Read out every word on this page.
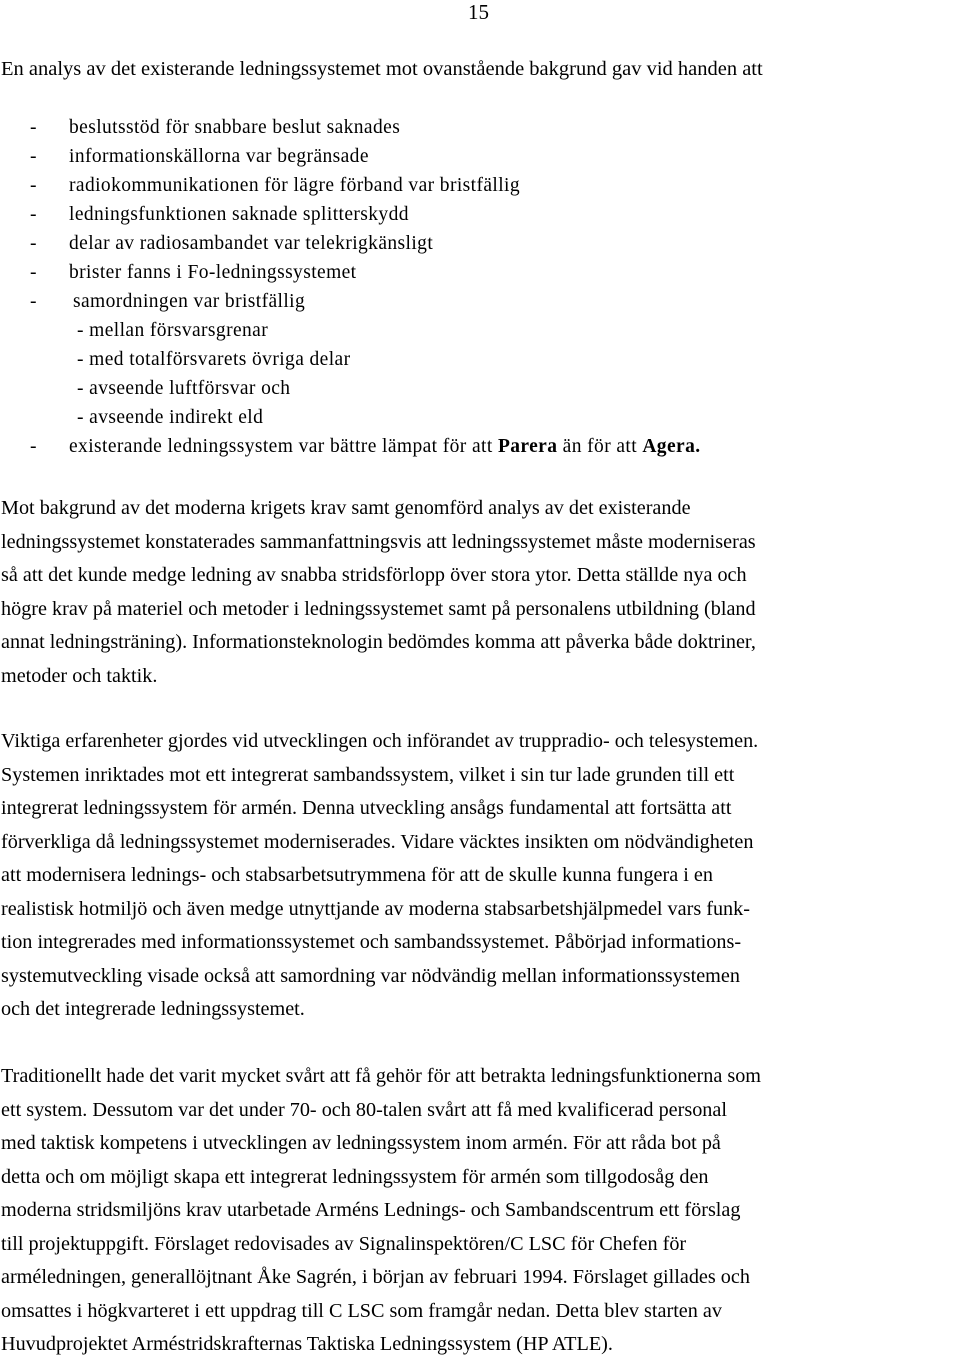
15
En analys av det existerande ledningssystemet mot ovanstående bakgrund gav vid handen att
- beslutsstöd för snabbare beslut saknades
- informationskällorna var begränsade
- radiokommunikationen för lägre förband var bristfällig
- ledningsfunktionen saknade splitterskydd
- delar av radiosambandet var telekrigkänsligt
- brister fanns i Fo-ledningssystemet
- samordningen var bristfällig
- mellan försvarsgrenar
- med totalförsvarets övriga delar
- avseende luftförsvar och
- avseende indirekt eld
- existerande ledningssystem var bättre lämpat för att Parera än för att Agera.

Mot bakgrund av det moderna krigets krav samt genomförd analys av det existerande
ledningssystemet konstaterades sammanfattningsvis att ledningssystemet måste moderniseras
så att det kunde medge ledning av snabba stridsförlopp över stora ytor. Detta ställde nya och
högre krav på materiel och metoder i ledningssystemet samt på personalens utbildning (bland
annat ledningsträning). Informationsteknologin bedömdes komma att påverka både doktriner,
metoder och taktik.

Viktiga erfarenheter gjordes vid utvecklingen och införandet av truppradio- och telesystemen.
Systemen inriktades mot ett integrerat sambandssystem, vilket i sin tur lade grunden till ett
integrerat ledningssystem för armén. Denna utveckling ansågs fundamental att fortsätta att
förverkliga då ledningssystemet moderniserades. Vidare väcktes insikten om nödvändigheten
att modernisera lednings- och stabsarbetsutrymmena för att de skulle kunna fungera i en
realistisk hotmiljö och även medge utnyttjande av moderna stabsarbetshjälpmedel vars funk-
tion integrerades med informationssystemet och sambandssystemet. Påbörjad informations-
systemutveckling visade också att samordning var nödvändig mellan informationssystemen
och det integrerade ledningssystemet.

Traditionellt hade det varit mycket svårt att få gehör för att betrakta ledningsfunktionerna som
ett system. Dessutom var det under 70- och 80-talen svårt att få med kvalificerad personal
med taktisk kompetens i utvecklingen av ledningssystem inom armén. För att råda bot på
detta och om möjligt skapa ett integrerat ledningssystem för armén som tillgodosåg den
moderna stridsmiljöns krav utarbetade Arméns Lednings- och Sambandscentrum ett förslag
till projektuppgift. Förslaget redovisades av Signalinspektören/C LSC för Chefen för
arméledningen, generallöjtnant Åke Sagrén, i början av februari 1994. Förslaget gillades och
omsattes i högkvarteret i ett uppdrag till C LSC som framgår nedan. Detta blev starten av
Huvudprojektet Arméstridskrafternas Taktiska Ledningssystem (HP ATLE).
